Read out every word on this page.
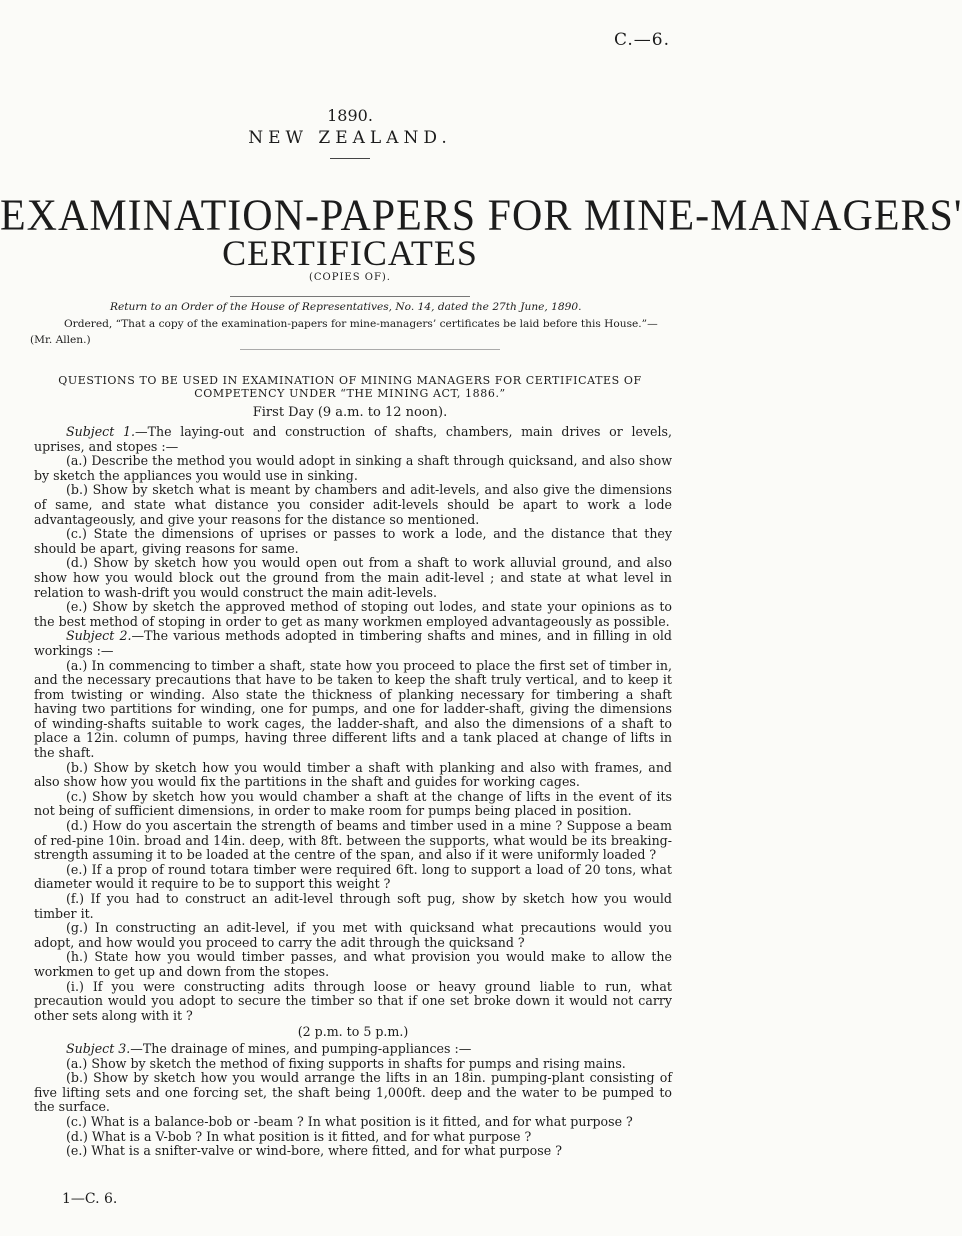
C.—6.
1890.
NEW ZEALAND.
EXAMINATION-PAPERS FOR MINE-MANAGERS'
CERTIFICATES
(COPIES OF).
Return to an Order of the House of Representatives, No. 14, dated the 27th June, 1890.
Ordered, “That a copy of the examination-papers for mine-managers’ certificates be laid before this House.”—
(Mr. Allen.)
QUESTIONS TO BE USED IN EXAMINATION OF MINING MANAGERS FOR CERTIFICATES OF
COMPETENCY UNDER “THE MINING ACT, 1886.”
First Day (9 a.m. to 12 noon).

Subject 1.—The laying-out and construction of shafts, chambers, main drives or levels, uprises, and stopes :—

(a.) Describe the method you would adopt in sinking a shaft through quicksand, and also show by sketch the appliances you would use in sinking.

(b.) Show by sketch what is meant by chambers and adit-levels, and also give the dimensions of same, and state what distance you consider adit-levels should be apart to work a lode advantageously, and give your reasons for the distance so mentioned.

(c.) State the dimensions of uprises or passes to work a lode, and the distance that they should be apart, giving reasons for same.

(d.) Show by sketch how you would open out from a shaft to work alluvial ground, and also show how you would block out the ground from the main adit-level ; and state at what level in relation to wash-drift you would construct the main adit-levels.

(e.) Show by sketch the approved method of stoping out lodes, and state your opinions as to the best method of stoping in order to get as many workmen employed advantageously as possible.

Subject 2.—The various methods adopted in timbering shafts and mines, and in filling in old workings :—

(a.) In commencing to timber a shaft, state how you proceed to place the first set of timber in, and the necessary precautions that have to be taken to keep the shaft truly vertical, and to keep it from twisting or winding. Also state the thickness of planking necessary for timbering a shaft having two partitions for winding, one for pumps, and one for ladder-shaft, giving the dimensions of winding-shafts suitable to work cages, the ladder-shaft, and also the dimensions of a shaft to place a 12in. column of pumps, having three different lifts and a tank placed at change of lifts in the shaft.

(b.) Show by sketch how you would timber a shaft with planking and also with frames, and also show how you would fix the partitions in the shaft and guides for working cages.

(c.) Show by sketch how you would chamber a shaft at the change of lifts in the event of its not being of sufficient dimensions, in order to make room for pumps being placed in position.

(d.) How do you ascertain the strength of beams and timber used in a mine ? Suppose a beam of red-pine 10in. broad and 14in. deep, with 8ft. between the supports, what would be its breaking-strength assuming it to be loaded at the centre of the span, and also if it were uniformly loaded ?

(e.) If a prop of round totara timber were required 6ft. long to support a load of 20 tons, what diameter would it require to be to support this weight ?

(f.) If you had to construct an adit-level through soft pug, show by sketch how you would timber it.

(g.) In constructing an adit-level, if you met with quicksand what precautions would you adopt, and how would you proceed to carry the adit through the quicksand ?

(h.) State how you would timber passes, and what provision you would make to allow the workmen to get up and down from the stopes.

(i.) If you were constructing adits through loose or heavy ground liable to run, what precaution would you adopt to secure the timber so that if one set broke down it would not carry other sets along with it ?

(2 p.m. to 5 p.m.)

Subject 3.—The drainage of mines, and pumping-appliances :—

(a.) Show by sketch the method of fixing supports in shafts for pumps and rising mains.

(b.) Show by sketch how you would arrange the lifts in an 18in. pumping-plant consisting of five lifting sets and one forcing set, the shaft being 1,000ft. deep and the water to be pumped to the surface.

(c.) What is a balance-bob or -beam ? In what position is it fitted, and for what purpose ?

(d.) What is a V-bob ? In what position is it fitted, and for what purpose ?

(e.) What is a snifter-valve or wind-bore, where fitted, and for what purpose ?

1—C. 6.
